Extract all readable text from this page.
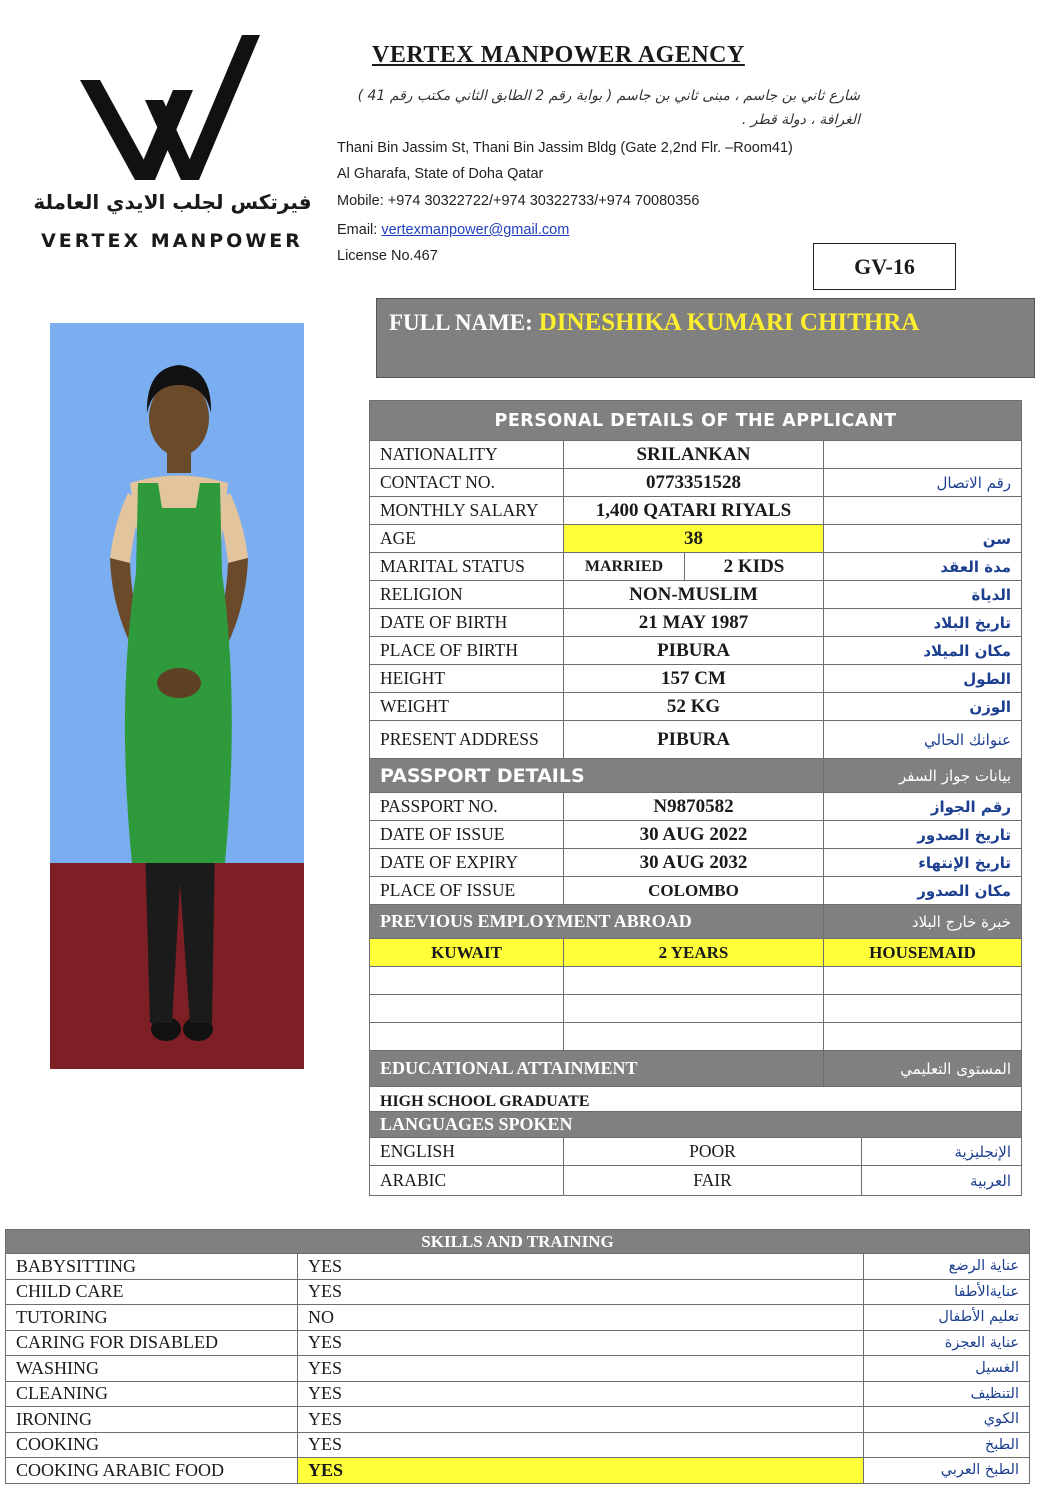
فيرتكس لجلب الايدي العاملة
VERTEX MANPOWER
VERTEX MANPOWER AGENCY
شارع ثاني بن جاسم ، مبنى ثاني بن جاسم ( بوابة رقم 2 الطابق الثاني مكتب رقم 41 )
الغرافة ، دولة قطر .
Thani Bin Jassim St, Thani Bin Jassim Bldg (Gate 2,2nd Flr. –Room41)
Al Gharafa, State of Doha Qatar
Mobile: +974 30322722/+974 30322733/+974 70080356
Email: vertexmanpower@gmail.com
License No.467	GV-16
FULL NAME: DINESHIKA KUMARI CHITHRA
PERSONAL DETAILS OF THE APPLICANT				
NATIONALITY	SRILANKAN			
CONTACT NO.	0773351528		رقم الاتصال	
MONTHLY SALARY	1,400 QATARI RIYALS			
AGE	38		سن	
MARITAL STATUS	MARRIED	2 KIDS	مدة العقد	
RELIGION	NON-MUSLIM		الدياة	
DATE OF BIRTH	21 MAY 1987		تاريخ البلاد	
PLACE OF BIRTH	PIBURA		مكان الميلاد	
HEIGHT	157 CM		الطول	
WEIGHT	52 KG		الوزن	
PRESENT ADDRESS	PIBURA		عنوانك الحالي	
PASSPORT DETAILS			بيانات جواز السفر	
PASSPORT NO.	N9870582		رقم الجواز	
DATE OF ISSUE	30 AUG 2022		تاريخ الصدور	
DATE OF EXPIRY	30 AUG 2032		تاريخ الإنتهاء	
PLACE OF ISSUE	COLOMBO		مكان الصدور	
PREVIOUS EMPLOYMENT ABROAD			خبرة خارج البلاد	
KUWAIT	2 YEARS		HOUSEMAID	

EDUCATIONAL ATTAINMENT			المستوى التعليمي	
HIGH SCHOOL GRADUATE				
LANGUAGES SPOKEN				
ENGLISH	POOR			الإنجليزية
ARABIC	FAIR			العربية
SKILLS AND TRAINING		
BABYSITTING	YES	عناية الرضع
CHILD CARE	YES	عنايةالأطفا
TUTORING	NO	تعليم الأطفال
CARING FOR DISABLED	YES	عناية العجزة
WASHING	YES	الغسيل
CLEANING	YES	التنظيف
IRONING	YES	الكوي
COOKING	YES	الطبخ
COOKING ARABIC FOOD	YES	الطبخ العربي
